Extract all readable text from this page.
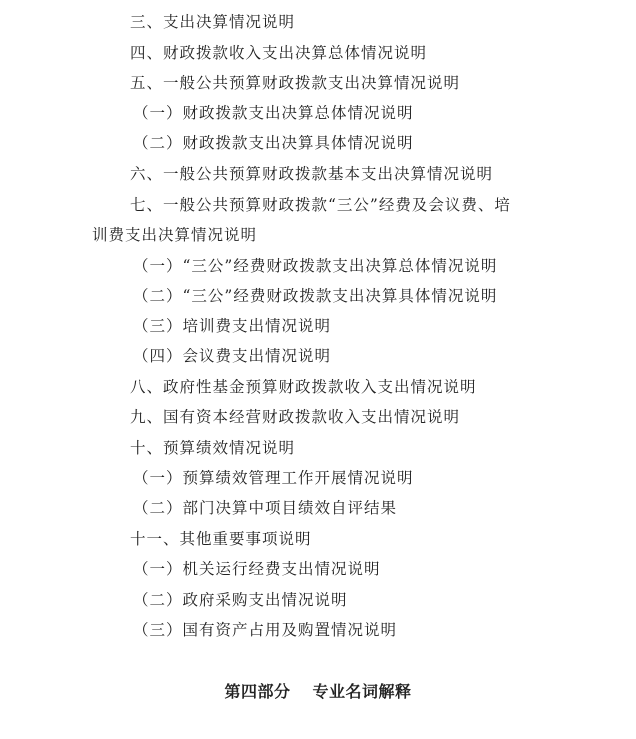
三、支出决算情况说明
四、财政拨款收入支出决算总体情况说明
五、一般公共预算财政拨款支出决算情况说明
（一）财政拨款支出决算总体情况说明
（二）财政拨款支出决算具体情况说明
六、一般公共预算财政拨款基本支出决算情况说明
七、一般公共预算财政拨款“三公”经费及会议费、培
训费支出决算情况说明
（一）“三公”经费财政拨款支出决算总体情况说明
（二）“三公”经费财政拨款支出决算具体情况说明
（三）培训费支出情况说明
（四）会议费支出情况说明
八、政府性基金预算财政拨款收入支出情况说明
九、国有资本经营财政拨款收入支出情况说明
十、预算绩效情况说明
（一）预算绩效管理工作开展情况说明
（二）部门决算中项目绩效自评结果
十一、其他重要事项说明
（一）机关运行经费支出情况说明
（二）政府采购支出情况说明
（三）国有资产占用及购置情况说明
第四部分 专业名词解释
